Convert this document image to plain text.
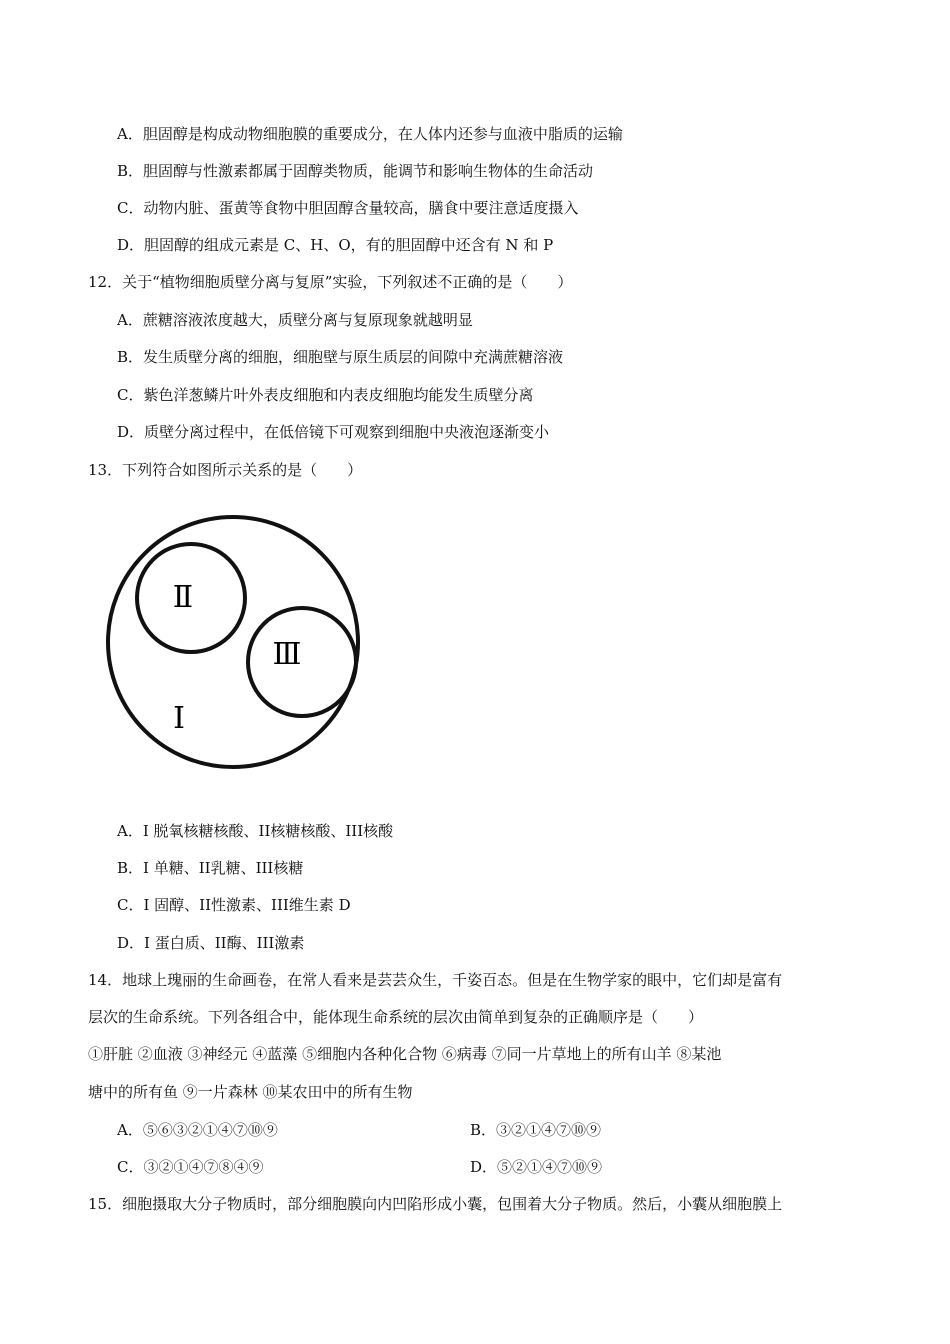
A．胆固醇是构成动物细胞膜的重要成分，在人体内还参与血液中脂质的运输
B．胆固醇与性激素都属于固醇类物质，能调节和影响生物体的生命活动
C．动物内脏、蛋黄等食物中胆固醇含量较高，膳食中要注意适度摄入
D．胆固醇的组成元素是 C、H、O，有的胆固醇中还含有 N 和 P
12．关于“植物细胞质壁分离与复原”实验，下列叙述不正确的是（　　）
A．蔗糖溶液浓度越大，质壁分离与复原现象就越明显
B．发生质壁分离的细胞，细胞壁与原生质层的间隙中充满蔗糖溶液
C．紫色洋葱鳞片叶外表皮细胞和内表皮细胞均能发生质壁分离
D．质壁分离过程中，在低倍镜下可观察到细胞中央液泡逐渐变小
13．下列符合如图所示关系的是（　　）
Ⅱ
Ⅲ
Ⅰ
A．I 脱氧核糖核酸、II核糖核酸、III核酸
B．I 单糖、II乳糖、III核糖
C．I 固醇、II性激素、III维生素 D
D．I 蛋白质、II酶、III激素
14．地球上瑰丽的生命画卷，在常人看来是芸芸众生，千姿百态。但是在生物学家的眼中，它们却是富有
层次的生命系统。下列各组合中，能体现生命系统的层次由简单到复杂的正确顺序是（　　）
①肝脏 ②血液 ③神经元 ④蓝藻 ⑤细胞内各种化合物 ⑥病毒 ⑦同一片草地上的所有山羊 ⑧某池
塘中的所有鱼 ⑨一片森林 ⑩某农田中的所有生物
A．⑤⑥③②①④⑦⑩⑨	B．③②①④⑦⑩⑨
C．③②①④⑦⑧④⑨	D．⑤②①④⑦⑩⑨
15．细胞摄取大分子物质时，部分细胞膜向内凹陷形成小囊，包围着大分子物质。然后，小囊从细胞膜上
